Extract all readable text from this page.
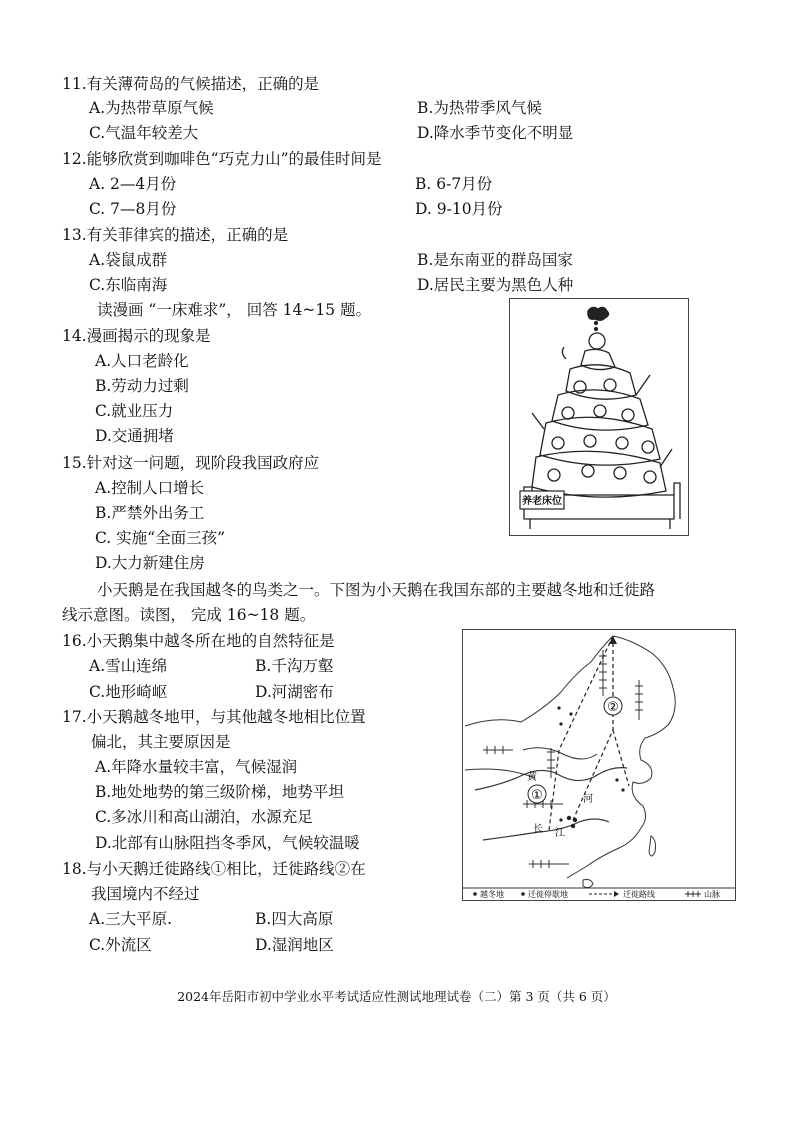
11.有关薄荷岛的气候描述，正确的是
A.为热带草原气候	B.为热带季风气候
C.气温年较差大	D.降水季节变化不明显
12.能够欣赏到咖啡色“巧克力山”的最佳时间是
A. 2—4月份	B. 6-7月份
C. 7—8月份	D. 9-10月份
13.有关菲律宾的描述，正确的是
A.袋鼠成群	B.是东南亚的群岛国家
C.东临南海	D.居民主要为黑色人种
读漫画 “一床难求”， 回答 14~15 题。
14.漫画揭示的现象是
A.人口老龄化
B.劳动力过剩
C.就业压力
D.交通拥堵
15.针对这一问题，现阶段我国政府应
A.控制人口增长
B.严禁外出务工
C. 实施“全面三孩”
D.大力新建住房
养老床位
小天鹅是在我国越冬的鸟类之一。下图为小天鹅在我国东部的主要越冬地和迁徙路
线示意图。读图， 完成 16~18 题。
16.小天鹅集中越冬所在地的自然特征是
A.雪山连绵	B.千沟万壑
C.地形崎岖	D.河湖密布
17.小天鹅越冬地甲，与其他越冬地相比位置
偏北，其主要原因是
A.年降水量较丰富，气候湿润
B.地处地势的第三级阶梯，地势平坦
C.多冰川和高山湖泊，水源充足
D.北部有山脉阻挡冬季风，气候较温暖
18.与小天鹅迁徙路线①相比，迁徙路线②在
我国境内不经过
A.三大平原.	B.四大高原
C.外流区	D.湿润地区
①
②
黄
河
长 江
越冬地	迁徙停歇地	迁徙路线	山脉
2024年岳阳市初中学业水平考试适应性测试地理试卷（二）第 3 页（共 6 页）
